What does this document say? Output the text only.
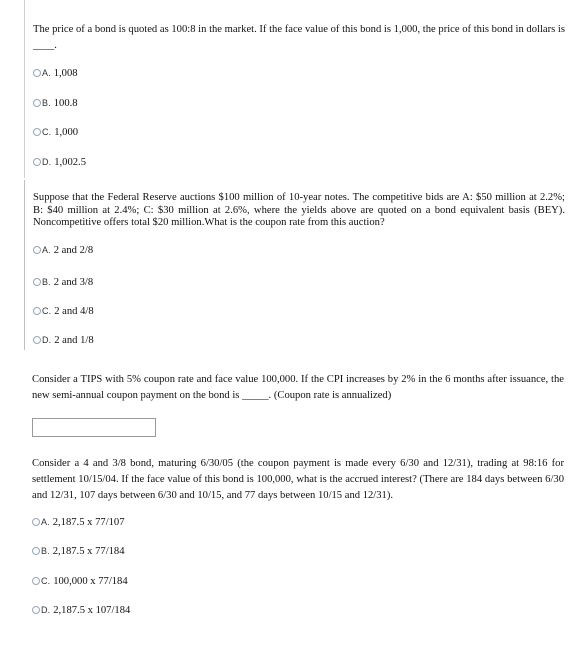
The price of a bond is quoted as 100:8 in the market. If the face value of this bond is 1,000, the price of this bond in dollars is ____.

A. 1,008
B. 100.8
C. 1,000
D. 1,002.5

Suppose that the Federal Reserve auctions $100 million of 10-year notes. The competitive bids are A: $50 million at 2.2%; B: $40 million at 2.4%; C: $30 million at 2.6%, where the yields above are quoted on a bond equivalent basis (BEY). Noncompetitive offers total $20 million.What is the coupon rate from this auction?

A. 2 and 2/8
B. 2 and 3/8
C. 2 and 4/8
D. 2 and 1/8

Consider a TIPS with 5% coupon rate and face value 100,000. If the CPI increases by 2% in the 6 months after issuance, the new semi-annual coupon payment on the bond is _____. (Coupon rate is annualized)

Consider a 4 and 3/8 bond, maturing 6/30/05 (the coupon payment is made every 6/30 and 12/31), trading at 98:16 for settlement 10/15/04. If the face value of this bond is 100,000, what is the accrued interest? (There are 184 days between 6/30 and 12/31, 107 days between 6/30 and 10/15, and 77 days between 10/15 and 12/31).

A. 2,187.5 x 77/107
B. 2,187.5 x 77/184
C. 100,000 x 77/184
D. 2,187.5 x 107/184
